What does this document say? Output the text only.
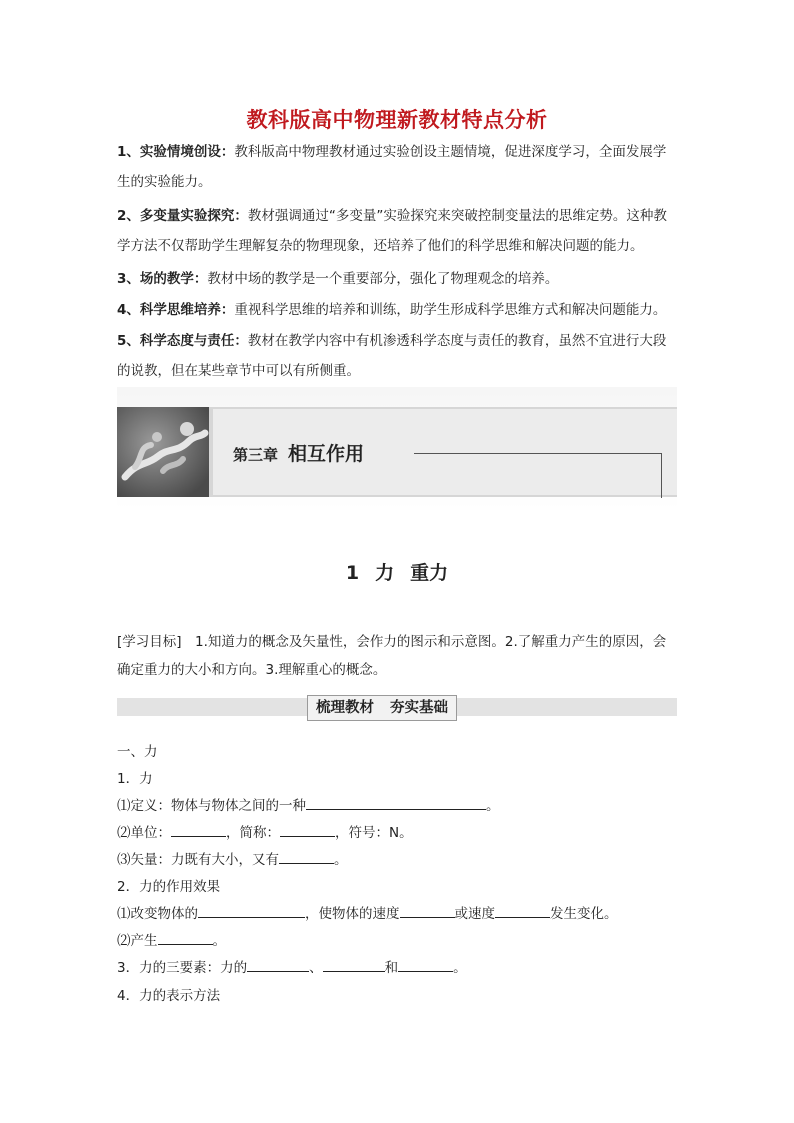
教科版高中物理新教材特点分析

1、实验情境创设：教科版高中物理教材通过实验创设主题情境，促进深度学习，全面发展学生的实验能力。

2、多变量实验探究：教材强调通过“多变量”实验探究来突破控制变量法的思维定势。这种教学方法不仅帮助学生理解复杂的物理现象，还培养了他们的科学思维和解决问题的能力。

3、场的教学：教材中场的教学是一个重要部分，强化了物理观念的培养。

4、科学思维培养：重视科学思维的培养和训练，助学生形成科学思维方式和解决问题能力。

5、科学态度与责任：教材在教学内容中有机渗透科学态度与责任的教育，虽然不宜进行大段的说教，但在某些章节中可以有所侧重。

第三章 相互作用
1 力 重力

[学习目标]　1.知道力的概念及矢量性，会作力的图示和示意图。2.了解重力产生的原因，会确定重力的大小和方向。3.理解重心的概念。

梳理教材 夯实基础
一、力
1．力
⑴定义：物体与物体之间的一种	。
⑵单位：	，简称：	，符号：N。
⑶矢量：力既有大小，又有	。
2．力的作用效果
⑴改变物体的	，使物体的速度	或速度	发生变化。
⑵产生	。
3．力的三要素：力的	、	和	。
4．力的表示方法
